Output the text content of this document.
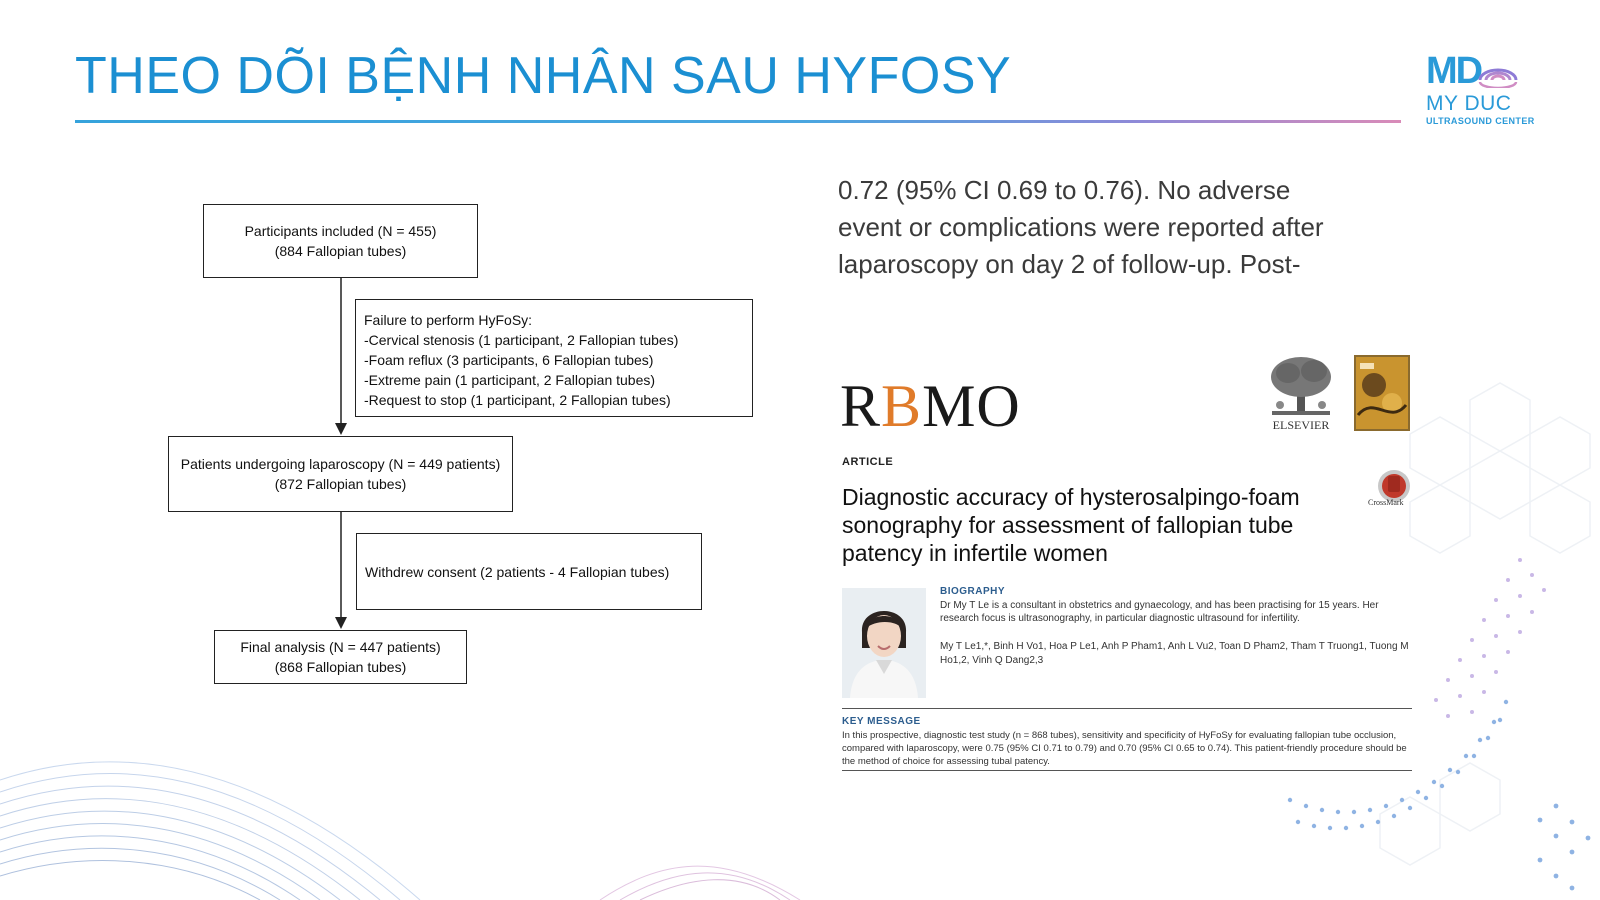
THEO DÕI BỆNH NHÂN SAU HYFOSY	MD
MY DUC
ULTRASOUND CENTER
Participants included (N = 455)
(884 Fallopian tubes)
Failure to perform HyFoSy:
-Cervical stenosis (1 participant, 2 Fallopian tubes)
-Foam reflux (3 participants, 6 Fallopian tubes)
-Extreme pain (1 participant, 2 Fallopian tubes)
-Request to stop (1 participant, 2 Fallopian tubes)
Patients undergoing laparoscopy (N = 449 patients)
(872 Fallopian tubes)
Withdrew consent (2 patients - 4 Fallopian tubes)
Final analysis (N = 447 patients)
(868 Fallopian tubes)
0.72 (95% CI 0.69 to 0.76). No adverse
event or complications were reported after
laparoscopy on day 2 of follow-up. Post-
RBMO	ELSEVIER
ARTICLE
Diagnostic accuracy of hysterosalpingo-foam sonography for assessment of fallopian tube patency in infertile women
CrossMark
BIOGRAPHY
Dr My T Le is a consultant in obstetrics and gynaecology, and has been practising for 15 years. Her research focus is ultrasonography, in particular diagnostic ultrasound for infertility.
My T Le1,*, Binh H Vo1, Hoa P Le1, Anh P Pham1, Anh L Vu2, Toan D Pham2, Tham T Truong1, Tuong M Ho1,2, Vinh Q Dang2,3
KEY MESSAGE
In this prospective, diagnostic test study (n = 868 tubes), sensitivity and specificity of HyFoSy for evaluating fallopian tube occlusion, compared with laparoscopy, were 0.75 (95% CI 0.71 to 0.79) and 0.70 (95% CI 0.65 to 0.74). This patient-friendly procedure should be the method of choice for assessing tubal patency.
